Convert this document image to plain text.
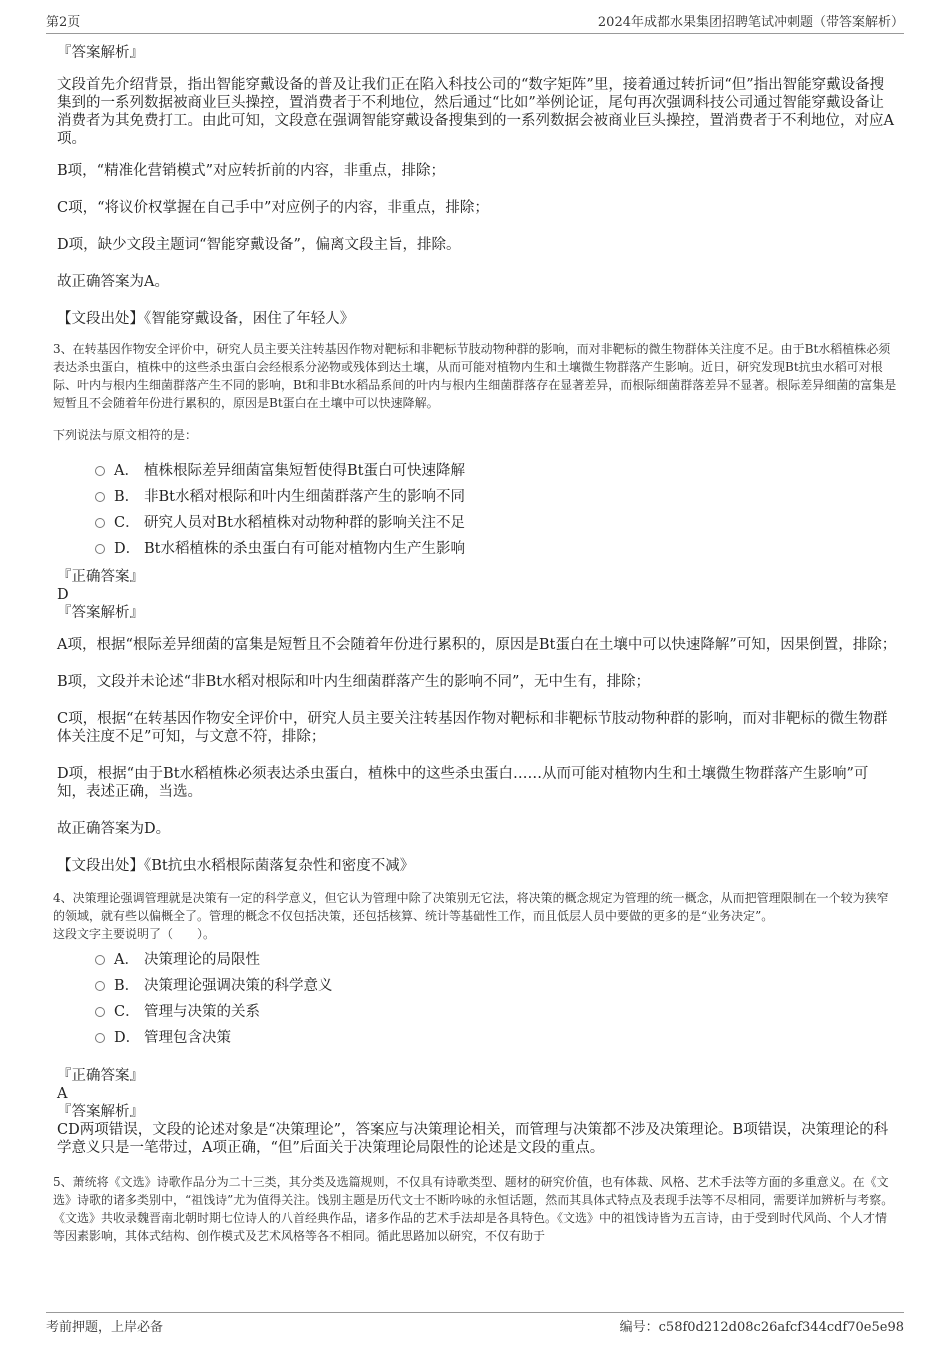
第2页	2024年成都水果集团招聘笔试冲刺题（带答案解析）

『答案解析』

文段首先介绍背景，指出智能穿戴设备的普及让我们正在陷入科技公司的“数字矩阵”里，接着通过转折词“但”指出智能穿戴设备搜集到的一系列数据被商业巨头操控，置消费者于不利地位，然后通过“比如”举例论证，尾句再次强调科技公司通过智能穿戴设备让消费者为其免费打工。由此可知，文段意在强调智能穿戴设备搜集到的一系列数据会被商业巨头操控，置消费者于不利地位，对应A项。

B项，“精准化营销模式”对应转折前的内容，非重点，排除；

C项，“将议价权掌握在自己手中”对应例子的内容，非重点，排除；

D项，缺少文段主题词“智能穿戴设备”，偏离文段主旨，排除。

故正确答案为A。

【文段出处】《智能穿戴设备，困住了年轻人》

3、在转基因作物安全评价中，研究人员主要关注转基因作物对靶标和非靶标节肢动物种群的影响，而对非靶标的微生物群体关注度不足。由于Bt水稻植株必须表达杀虫蛋白，植株中的这些杀虫蛋白会经根系分泌物或残体到达土壤，从而可能对植物内生和土壤微生物群落产生影响。近日，研究发现Bt抗虫水稻可对根际、叶内与根内生细菌群落产生不同的影响，Bt和非Bt水稻品系间的叶内与根内生细菌群落存在显著差异，而根际细菌群落差异不显著。根际差异细菌的富集是短暂且不会随着年份进行累积的，原因是Bt蛋白在土壤中可以快速降解。

下列说法与原文相符的是：

A． 植株根际差异细菌富集短暂使得Bt蛋白可快速降解
B． 非Bt水稻对根际和叶内生细菌群落产生的影响不同
C． 研究人员对Bt水稻植株对动物种群的影响关注不足
D． Bt水稻植株的杀虫蛋白有可能对植物内生产生影响

『正确答案』

D

『答案解析』

A项，根据“根际差异细菌的富集是短暂且不会随着年份进行累积的，原因是Bt蛋白在土壤中可以快速降解”可知，因果倒置，排除；

B项，文段并未论述“非Bt水稻对根际和叶内生细菌群落产生的影响不同”，无中生有，排除；

C项，根据“在转基因作物安全评价中，研究人员主要关注转基因作物对靶标和非靶标节肢动物种群的影响，而对非靶标的微生物群体关注度不足”可知，与文意不符，排除；

D项，根据“由于Bt水稻植株必须表达杀虫蛋白，植株中的这些杀虫蛋白……从而可能对植物内生和土壤微生物群落产生影响”可知，表述正确，当选。

故正确答案为D。

【文段出处】《Bt抗虫水稻根际菌落复杂性和密度不减》

4、决策理论强调管理就是决策有一定的科学意义，但它认为管理中除了决策别无它法，将决策的概念规定为管理的统一概念，从而把管理限制在一个较为狭窄的领域，就有些以偏概全了。管理的概念不仅包括决策，还包括核算、统计等基础性工作，而且低层人员中要做的更多的是“业务决定”。

这段文字主要说明了（　　）。

A． 决策理论的局限性
B． 决策理论强调决策的科学意义
C． 管理与决策的关系
D． 管理包含决策

『正确答案』

A

『答案解析』

CD两项错误，文段的论述对象是“决策理论”，答案应与决策理论相关，而管理与决策都不涉及决策理论。B项错误，决策理论的科学意义只是一笔带过，A项正确，“但”后面关于决策理论局限性的论述是文段的重点。

5、萧统将《文选》诗歌作品分为二十三类，其分类及选篇规则，不仅具有诗歌类型、题材的研究价值，也有体裁、风格、艺术手法等方面的多重意义。在《文选》诗歌的诸多类别中，“祖饯诗”尤为值得关注。饯别主题是历代文士不断吟咏的永恒话题，然而其具体式特点及表现手法等不尽相同，需要详加辨析与考察。《文选》共收录魏晋南北朝时期七位诗人的八首经典作品，诸多作品的艺术手法却是各具特色。《文选》中的祖饯诗皆为五言诗，由于受到时代风尚、个人才情等因素影响，其体式结构、创作模式及艺术风格等各不相同。循此思路加以研究，不仅有助于

考前押题，上岸必备	编号：c58f0d212d08c26afcf344cdf70e5e98
